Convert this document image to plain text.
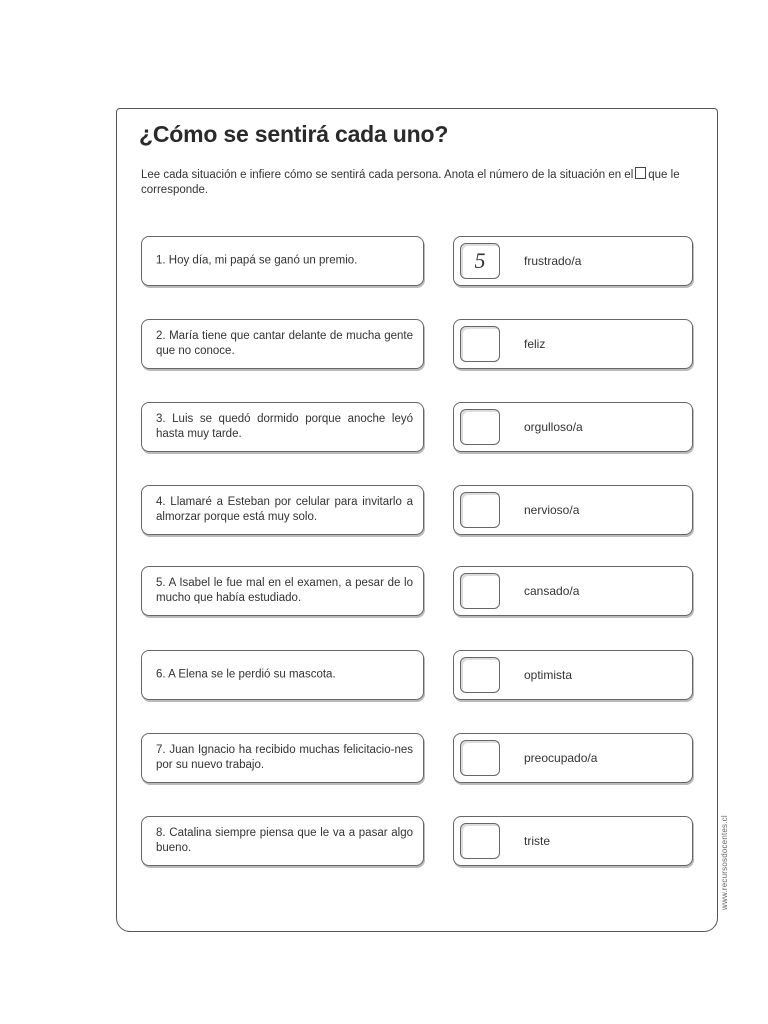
¿Cómo se sentirá cada uno?

Lee cada situación e infiere cómo se sentirá cada persona. Anota el número de la situación en el que le corresponde.

1. Hoy día, mi papá se ganó un premio.	5	frustrado/a
2. María tiene que cantar delante de mucha gente que no conoce.	feliz
3. Luis se quedó dormido porque anoche leyó hasta muy tarde.	orgulloso/a
4. Llamaré a Esteban por celular para invitarlo a almorzar porque está muy solo.	nervioso/a
5. A Isabel le fue mal en el examen, a pesar de lo mucho que había estudiado.	cansado/a
6. A Elena se le perdió su mascota.	optimista
7. Juan Ignacio ha recibido muchas felicitacio-nes por su nuevo trabajo.	preocupado/a
8. Catalina siempre piensa que le va a pasar algo bueno.	triste	www.recursosdocentes.cl
